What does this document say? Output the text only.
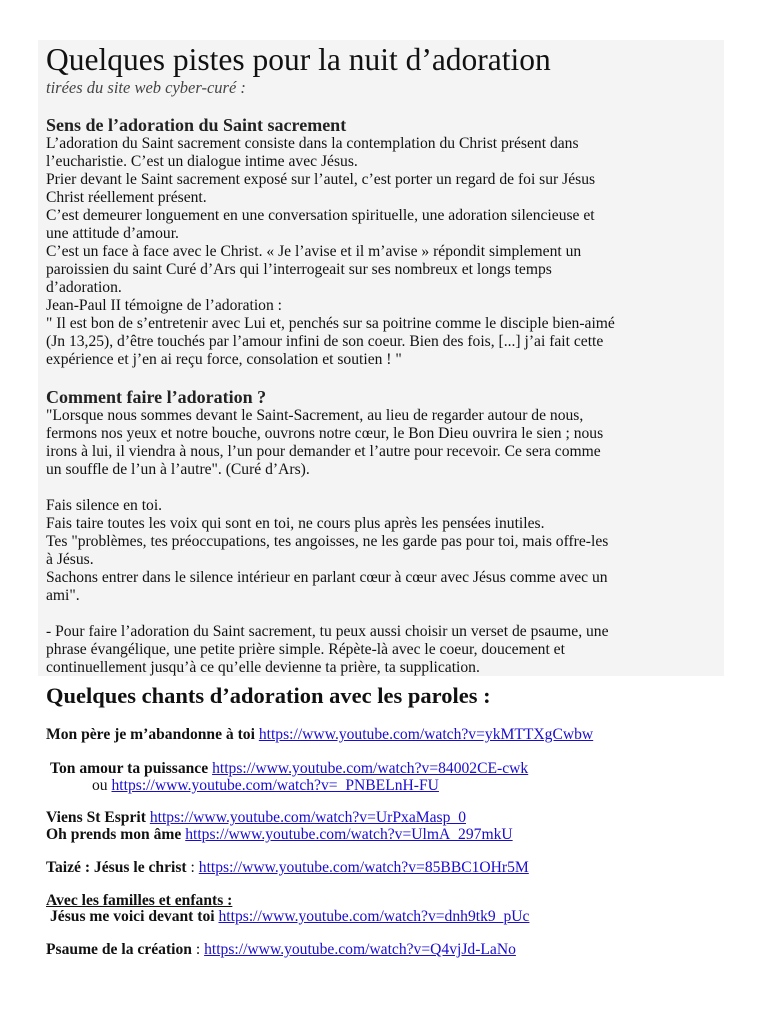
Quelques pistes pour la nuit d’adoration
tirées du site web cyber-curé :
Sens de l’adoration du Saint sacrement

L’adoration du Saint sacrement consiste dans la contemplation du Christ présent dans

l’eucharistie. C’est un dialogue intime avec Jésus.

Prier devant le Saint sacrement exposé sur l’autel, c’est porter un regard de foi sur Jésus

Christ réellement présent.

C’est demeurer longuement en une conversation spirituelle, une adoration silencieuse et

une attitude d’amour.

C’est un face à face avec le Christ. « Je l’avise et il m’avise » répondit simplement un

paroissien du saint Curé d’Ars qui l’interrogeait sur ses nombreux et longs temps

d’adoration.

Jean-Paul II témoigne de l’adoration :

" Il est bon de s’entretenir avec Lui et, penchés sur sa poitrine comme le disciple bien-aimé

(Jn 13,25), d’être touchés par l’amour infini de son coeur. Bien des fois, [...] j’ai fait cette

expérience et j’en ai reçu force, consolation et soutien ! "

Comment faire l’adoration ?

"Lorsque nous sommes devant le Saint-Sacrement, au lieu de regarder autour de nous,

fermons nos yeux et notre bouche, ouvrons notre cœur, le Bon Dieu ouvrira le sien ; nous

irons à lui, il viendra à nous, l’un pour demander et l’autre pour recevoir. Ce sera comme

un souffle de l’un à l’autre". (Curé d’Ars).

Fais silence en toi.

Fais taire toutes les voix qui sont en toi, ne cours plus après les pensées inutiles.

Tes "problèmes, tes préoccupations, tes angoisses, ne les garde pas pour toi, mais offre-les

à Jésus.

Sachons entrer dans le silence intérieur en parlant cœur à cœur avec Jésus comme avec un

ami".

- Pour faire l’adoration du Saint sacrement, tu peux aussi choisir un verset de psaume, une

phrase évangélique, une petite prière simple. Répète-là avec le coeur, doucement et

continuellement jusqu’à ce qu’elle devienne ta prière, ta supplication.

Quelques chants d’adoration avec les paroles :
Mon père je m’abandonne à toi https://www.youtube.com/watch?v=ykMTTXgCwbw
Ton amour ta puissance https://www.youtube.com/watch?v=84002CE-cwk
ou https://www.youtube.com/watch?v=_PNBELnH-FU
Viens St Esprit https://www.youtube.com/watch?v=UrPxaMasp_0
Oh prends mon âme https://www.youtube.com/watch?v=UlmA_297mkU
Taizé : Jésus le christ : https://www.youtube.com/watch?v=85BBC1OHr5M
Avec les familles et enfants :
Jésus me voici devant toi https://www.youtube.com/watch?v=dnh9tk9_pUc
Psaume de la création : https://www.youtube.com/watch?v=Q4vjJd-LaNo
